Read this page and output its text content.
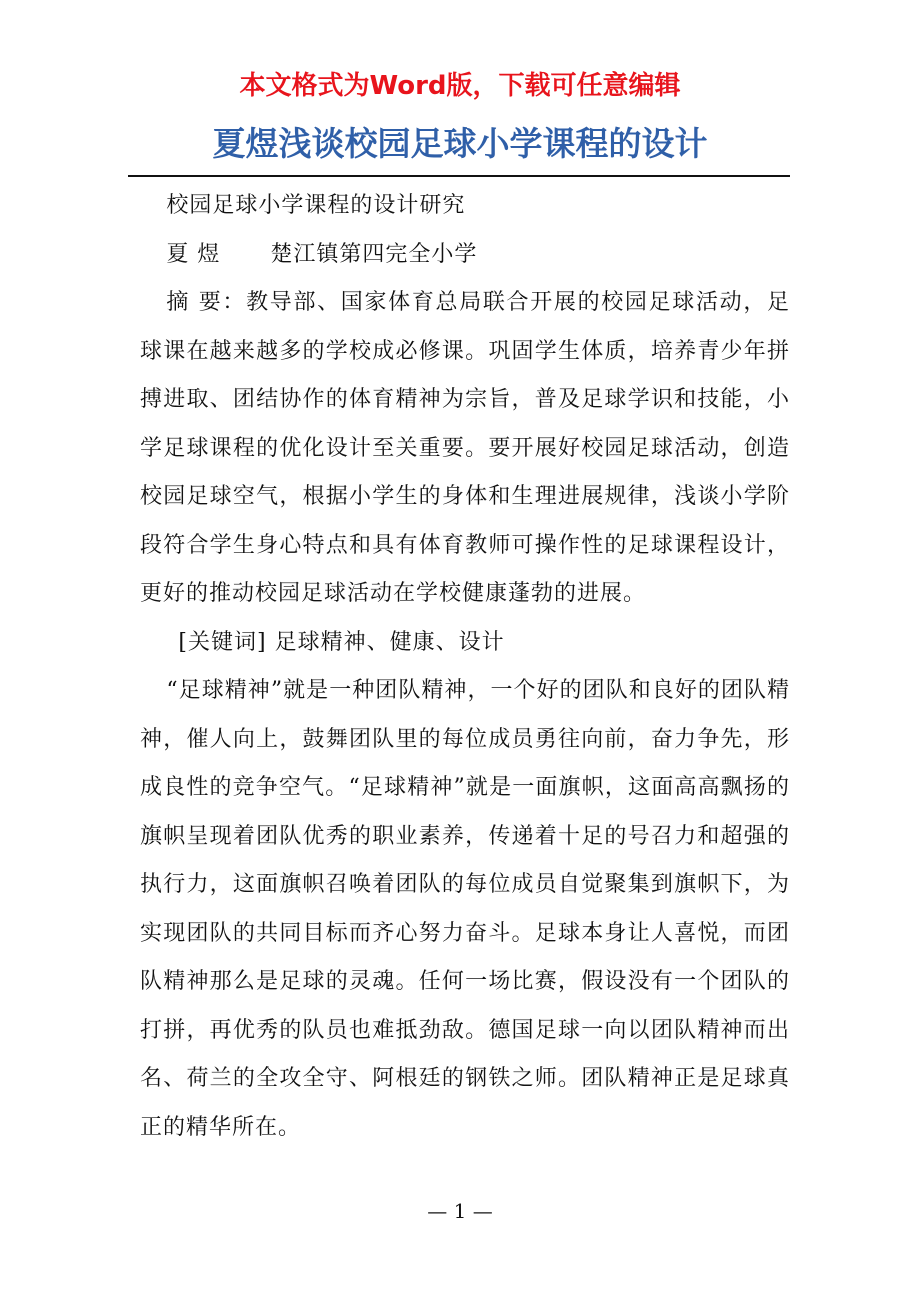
本文格式为Word版，下载可任意编辑
夏煜浅谈校园足球小学课程的设计

校园足球小学课程的设计研究

夏 煜 楚江镇第四完全小学

摘 要：教导部、国家体育总局联合开展的校园足球活动，足球课在越来越多的学校成必修课。巩固学生体质，培养青少年拼搏进取、团结协作的体育精神为宗旨，普及足球学识和技能，小学足球课程的优化设计至关重要。要开展好校园足球活动，创造校园足球空气，根据小学生的身体和生理进展规律，浅谈小学阶段符合学生身心特点和具有体育教师可操作性的足球课程设计，更好的推动校园足球活动在学校健康蓬勃的进展。

[关键词] 足球精神、健康、设计

“足球精神”就是一种团队精神，一个好的团队和良好的团队精神，催人向上，鼓舞团队里的每位成员勇往向前，奋力争先，形成良性的竞争空气。“足球精神”就是一面旗帜，这面高高飘扬的旗帜呈现着团队优秀的职业素养，传递着十足的号召力和超强的执行力，这面旗帜召唤着团队的每位成员自觉聚集到旗帜下，为实现团队的共同目标而齐心努力奋斗。足球本身让人喜悦，而团队精神那么是足球的灵魂。任何一场比赛，假设没有一个团队的打拼，再优秀的队员也难抵劲敌。德国足球一向以团队精神而出名、荷兰的全攻全守、阿根廷的钢铁之师。团队精神正是足球真正的精华所在。

— 1 —
